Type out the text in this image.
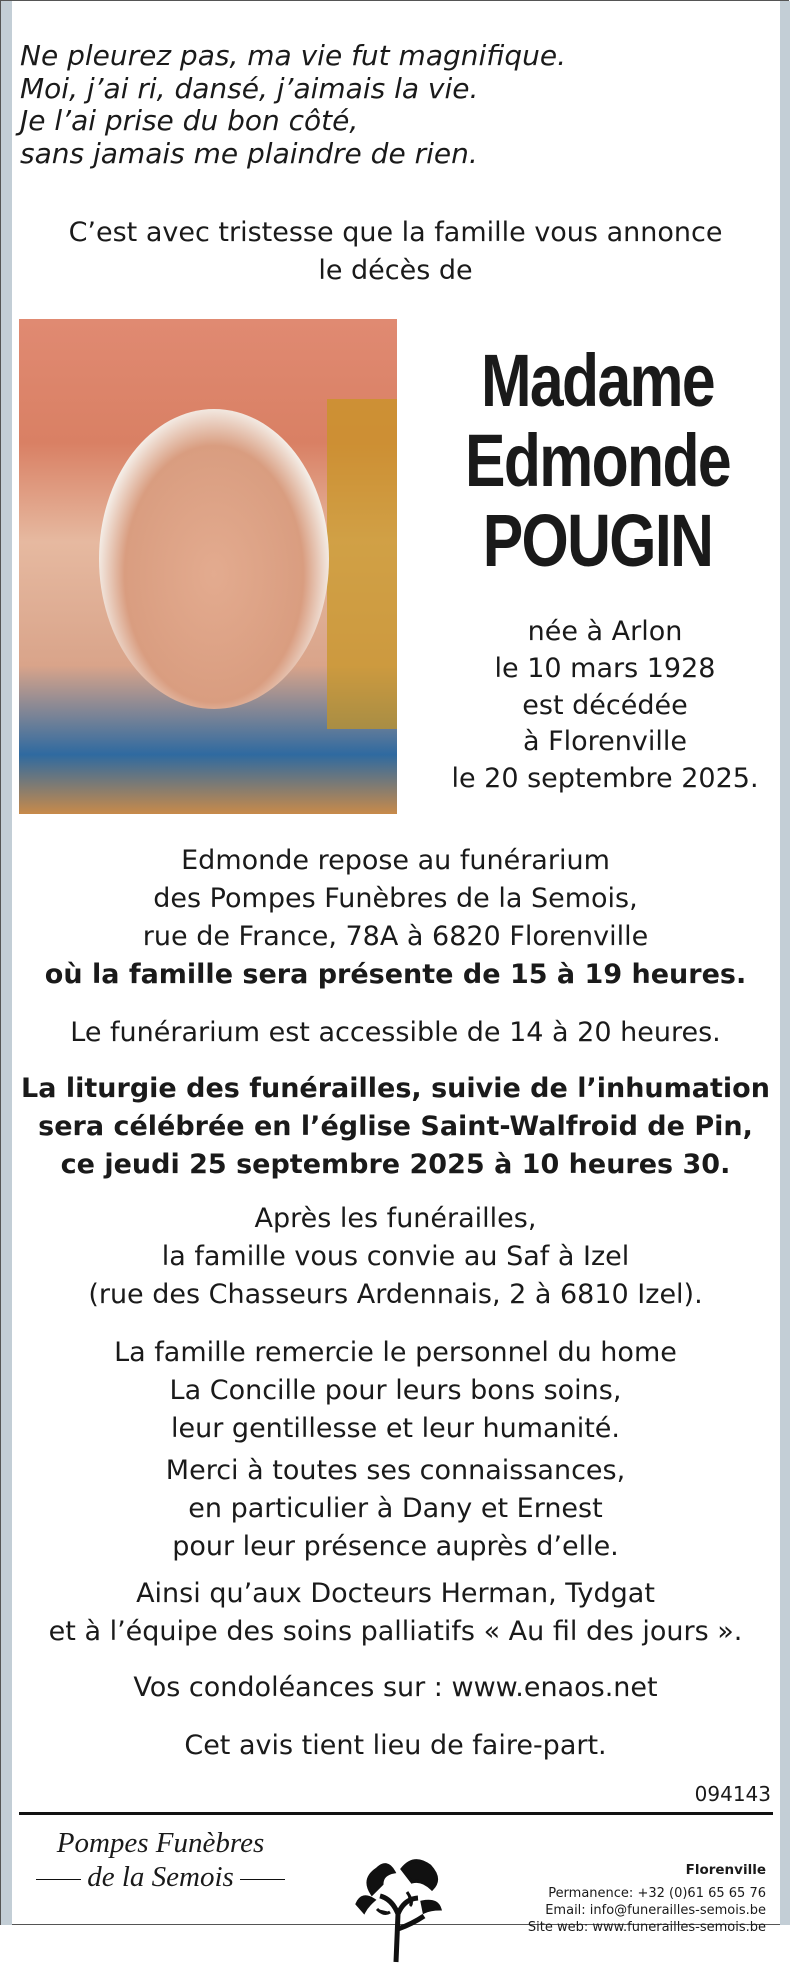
Ne pleurez pas, ma vie fut magnifique.
Moi, j’ai ri, dansé, j’aimais la vie.
Je l’ai prise du bon côté,
sans jamais me plaindre de rien.
C’est avec tristesse que la famille vous annonce
le décès de
Madame
Edmonde
POUGIN
née à Arlon
le 10 mars 1928
est décédée
à Florenville
le 20 septembre 2025.
Edmonde repose au funérarium
des Pompes Funèbres de la Semois,
rue de France, 78A à 6820 Florenville
où la famille sera présente de 15 à 19 heures.
Le funérarium est accessible de 14 à 20 heures.
La liturgie des funérailles, suivie de l’inhumation
sera célébrée en l’église Saint-Walfroid de Pin,
ce jeudi 25 septembre 2025 à 10 heures 30.
Après les funérailles,
la famille vous convie au Saf à Izel
(rue des Chasseurs Ardennais, 2 à 6810 Izel).
La famille remercie le personnel du home
La Concille pour leurs bons soins,
leur gentillesse et leur humanité.
Merci à toutes ses connaissances,
en particulier à Dany et Ernest
pour leur présence auprès d’elle.
Ainsi qu’aux Docteurs Herman, Tydgat
et à l’équipe des soins palliatifs « Au fil des jours ».
Vos condoléances sur : www.enaos.net
Cet avis tient lieu de faire-part.
094143
Pompes Funèbres
de la Semois	Florenville
Permanence: +32 (0)61 65 65 76
Email: info@funerailles-semois.be
Site web: www.funerailles-semois.be
